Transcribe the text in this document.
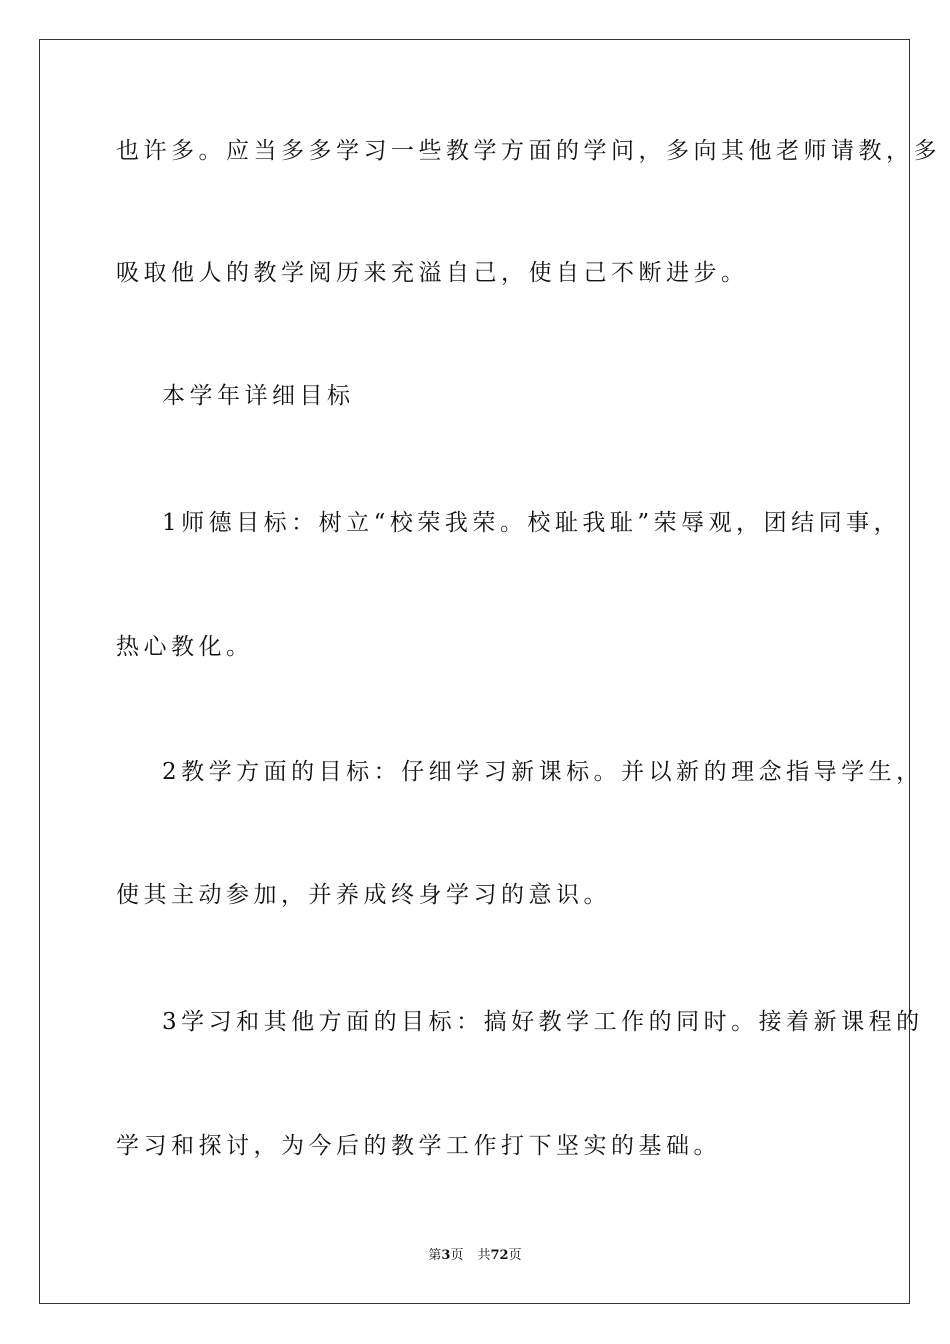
也许多。应当多多学习一些教学方面的学问，多向其他老师请教，多
吸取他人的教学阅历来充溢自己，使自己不断进步。
本学年详细目标
1师德目标：树立“校荣我荣。校耻我耻”荣辱观，团结同事，
热心教化。
2教学方面的目标：仔细学习新课标。并以新的理念指导学生，
使其主动参加，并养成终身学习的意识。
3学习和其他方面的目标：搞好教学工作的同时。接着新课程的
学习和探讨，为今后的教学工作打下坚实的基础。
第3页 共72页
